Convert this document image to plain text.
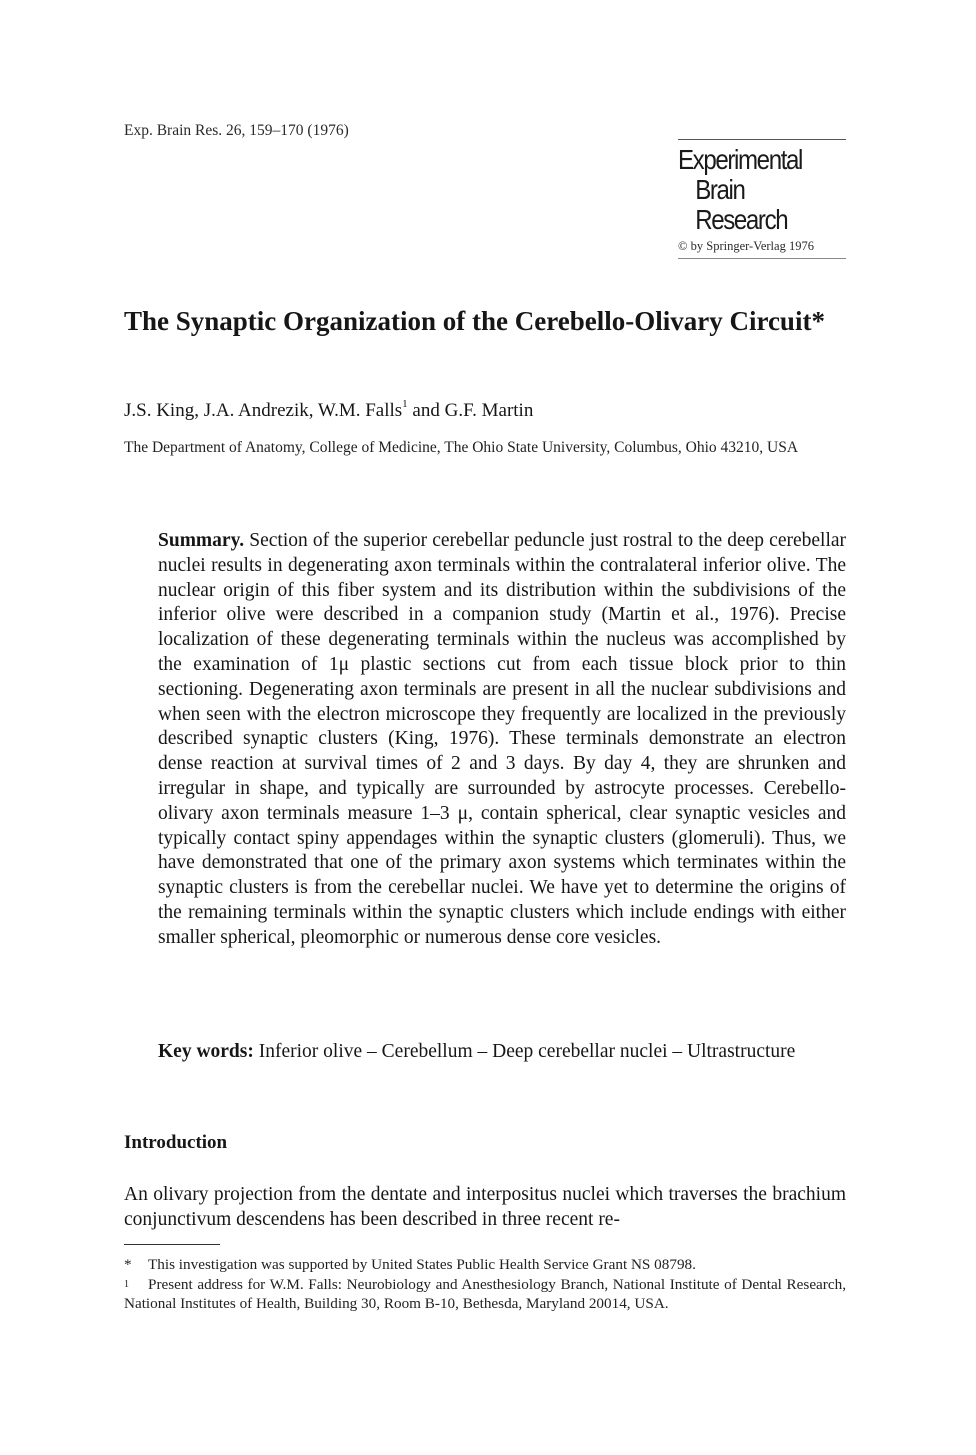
Exp. Brain Res. 26, 159–170 (1976)
Experimental
Brain
Research
© by Springer-Verlag 1976
The Synaptic Organization of the Cerebello-Olivary Circuit*
J.S. King, J.A. Andrezik, W.M. Falls$^1$ and G.F. Martin
The Department of Anatomy, College of Medicine, The Ohio State University, Columbus, Ohio 43210, USA

Summary. Section of the superior cerebellar peduncle just rostral to the deep cerebellar nuclei results in degenerating axon terminals within the contralateral inferior olive. The nuclear origin of this fiber system and its distribution within the subdivisions of the inferior olive were described in a companion study (Martin et al., 1976). Precise localization of these degenerating terminals within the nucleus was accomplished by the examination of 1μ plastic sections cut from each tissue block prior to thin sectioning. Degenerating axon terminals are present in all the nuclear subdivisions and when seen with the electron microscope they frequently are localized in the previously described synaptic clusters (King, 1976). These terminals demonstrate an electron dense reaction at survival times of 2 and 3 days. By day 4, they are shrunken and irregular in shape, and typically are surrounded by astrocyte processes. Cerebello-olivary axon terminals measure 1–3 μ, contain spherical, clear synaptic vesicles and typically contact spiny appendages within the synaptic clusters (glomeruli). Thus, we have demonstrated that one of the primary axon systems which terminates within the synaptic clusters is from the cerebellar nuclei. We have yet to determine the origins of the remaining terminals within the synaptic clusters which include endings with either smaller spherical, pleomorphic or numerous dense core vesicles.

Key words: Inferior olive – Cerebellum – Deep cerebellar nuclei – Ultrastructure

Introduction

An olivary projection from the dentate and interpositus nuclei which traverses the brachium conjunctivum descendens has been described in three recent re-

* This investigation was supported by United States Public Health Service Grant NS 08798.

1 Present address for W.M. Falls: Neurobiology and Anesthesiology Branch, National Institute of Dental Research, National Institutes of Health, Building 30, Room B-10, Bethesda, Maryland 20014, USA.
